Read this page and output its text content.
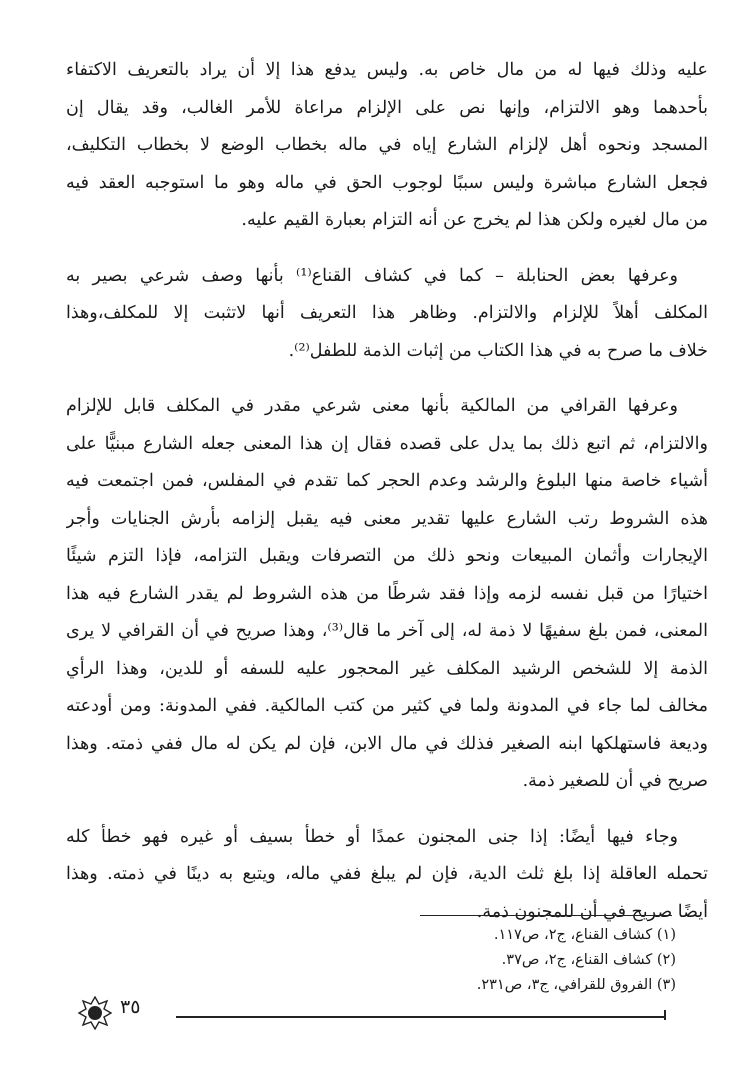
عليه وذلك فيها له من مال خاص به. وليس يدفع هذا إلا أن يراد بالتعريف الاكتفاء
بأحدهما وهو الالتزام، وإنها نص على الإلزام مراعاة للأمر الغالب، وقد يقال إن
المسجد ونحوه أهل لإلزام الشارع إياه في ماله بخطاب الوضع لا بخطاب التكليف،
فجعل الشارع مباشرة وليس سببًا لوجوب الحق في ماله وهو ما استوجبه العقد فيه
من مال لغيره ولكن هذا لم يخرج عن أنه التزام بعبارة القيم عليه.

وعرفها بعض الحنابلة – كما في كشاف القناع⁽¹⁾ بأنها وصف شرعي بصير به
المكلف أهلاً للإلزام والالتزام. وظاهر هذا التعريف أنها لاتثبت إلا للمكلف،وهذا
خلاف ما صرح به في هذا الكتاب من إثبات الذمة للطفل⁽²⁾.

وعرفها القرافي من المالكية بأنها معنى شرعي مقدر في المكلف قابل للإلزام
والالتزام، ثم اتبع ذلك بما يدل على قصده فقال إن هذا المعنى جعله الشارع مبنيًّا على
أشياء خاصة منها البلوغ والرشد وعدم الحجر كما تقدم في المفلس، فمن اجتمعت فيه
هذه الشروط رتب الشارع عليها تقدير معنى فيه يقبل إلزامه بأرش الجنايات وأجر
الإيجارات وأثمان المبيعات ونحو ذلك من التصرفات ويقبل التزامه، فإذا التزم شيئًا
اختيارًا من قبل نفسه لزمه وإذا فقد شرطًا من هذه الشروط لم يقدر الشارع فيه هذا
المعنى، فمن بلغ سفيهًا لا ذمة له، إلى آخر ما قال⁽³⁾، وهذا صريح في أن القرافي لا يرى
الذمة إلا للشخص الرشيد المكلف غير المحجور عليه للسفه أو للدين، وهذا الرأي
مخالف لما جاء في المدونة ولما في كثير من كتب المالكية. ففي المدونة: ومن أودعته
وديعة فاستهلكها ابنه الصغير فذلك في مال الابن، فإن لم يكن له مال ففي ذمته. وهذا
صريح في أن للصغير ذمة.

وجاء فيها أيضًا: إذا جنى المجنون عمدًا أو خطأ بسيف أو غيره فهو خطأ كله
تحمله العاقلة إذا بلغ ثلث الدية، فإن لم يبلغ ففي ماله، ويتبع به دينًا في ذمته. وهذا
أيضًا صريح في أن للمجنون ذمة.

(١) كشاف القناع، ج٢، ص١١٧.
(٢) كشاف القناع، ج٢، ص٣٧.
(٣) الفروق للقرافي، ج٣، ص٢٣١.
٣٥
